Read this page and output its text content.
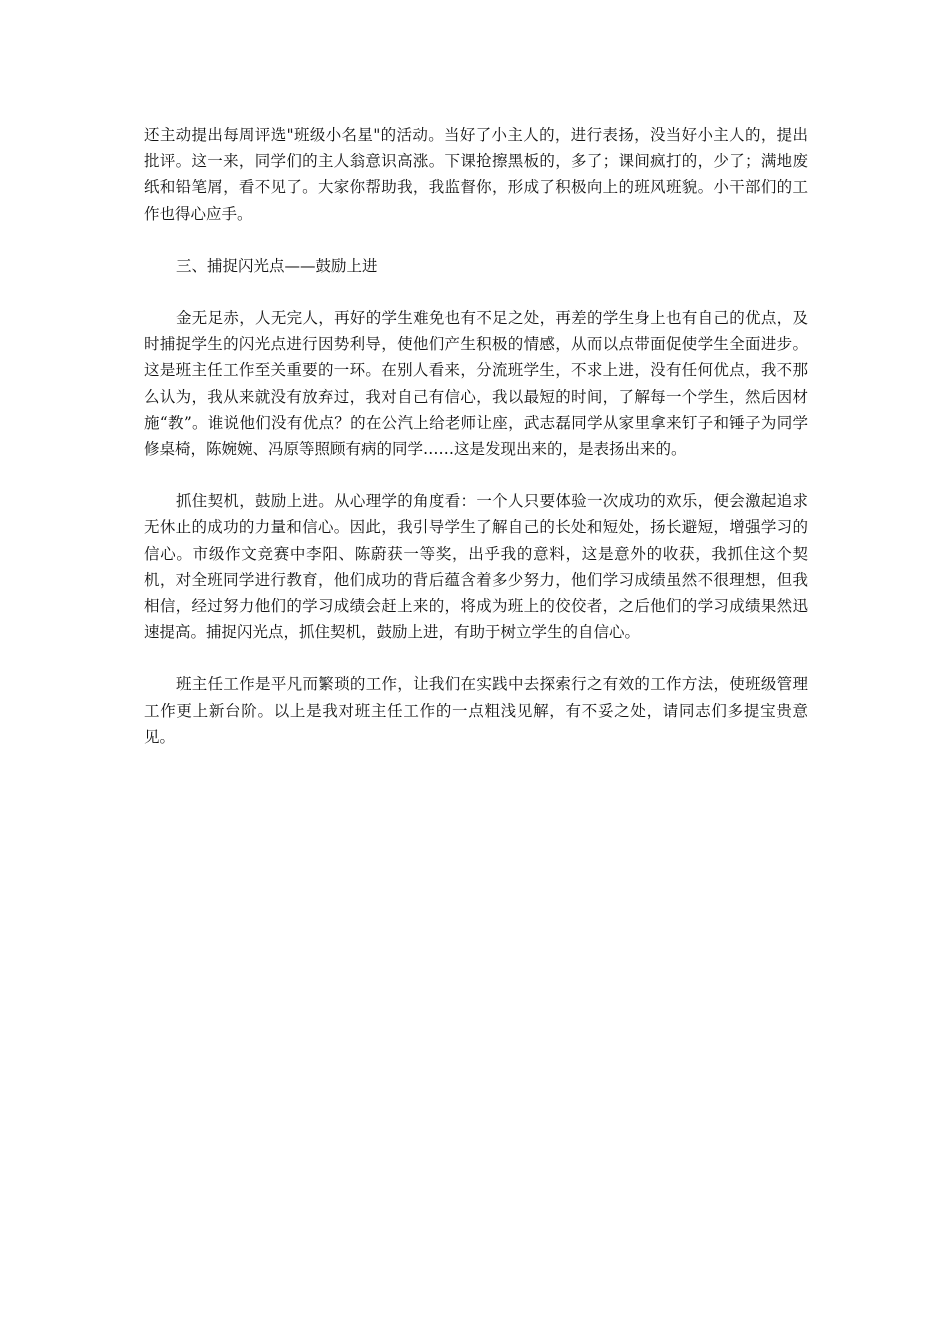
还主动提出每周评选"班级小名星"的活动。当好了小主人的，进行表扬，没当好小主人的，提出批评。这一来，同学们的主人翁意识高涨。下课抢擦黑板的，多了；课间疯打的，少了；满地废纸和铅笔屑，看不见了。大家你帮助我，我监督你，形成了积极向上的班风班貌。小干部们的工作也得心应手。

三、捕捉闪光点——鼓励上进

金无足赤，人无完人，再好的学生难免也有不足之处，再差的学生身上也有自己的优点，及时捕捉学生的闪光点进行因势利导，使他们产生积极的情感，从而以点带面促使学生全面进步。这是班主任工作至关重要的一环。在别人看来，分流班学生，不求上进，没有任何优点，我不那么认为，我从来就没有放弃过，我对自己有信心，我以最短的时间，了解每一个学生，然后因材施“教”。谁说他们没有优点？的在公汽上给老师让座，武志磊同学从家里拿来钉子和锤子为同学修桌椅，陈婉婉、冯原等照顾有病的同学……这是发现出来的，是表扬出来的。

抓住契机，鼓励上进。从心理学的角度看：一个人只要体验一次成功的欢乐，便会激起追求无休止的成功的力量和信心。因此，我引导学生了解自己的长处和短处，扬长避短，增强学习的信心。市级作文竞赛中李阳、陈蔚获一等奖，出乎我的意料，这是意外的收获，我抓住这个契机，对全班同学进行教育，他们成功的背后蕴含着多少努力，他们学习成绩虽然不很理想，但我相信，经过努力他们的学习成绩会赶上来的，将成为班上的佼佼者，之后他们的学习成绩果然迅速提高。捕捉闪光点，抓住契机，鼓励上进，有助于树立学生的自信心。

班主任工作是平凡而繁琐的工作，让我们在实践中去探索行之有效的工作方法，使班级管理工作更上新台阶。以上是我对班主任工作的一点粗浅见解，有不妥之处，请同志们多提宝贵意见。
